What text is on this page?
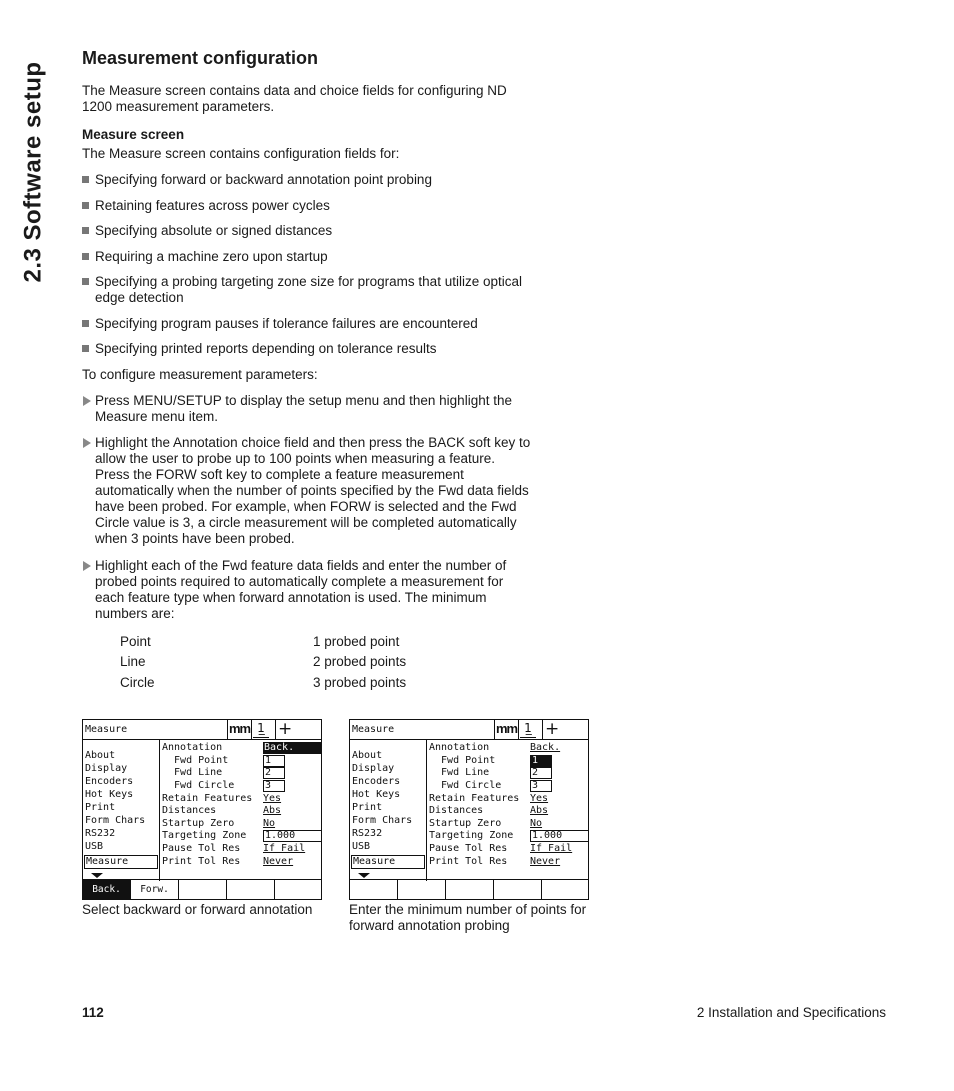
2.3 Software setup
Measurement configuration

The Measure screen contains data and choice fields for configuring ND 1200 measurement parameters.

Measure screen

The Measure screen contains configuration fields for:

Specifying forward or backward annotation point probing
Retaining features across power cycles
Specifying absolute or signed distances
Requiring a machine zero upon startup
Specifying a probing targeting zone size for programs that utilize optical edge detection
Specifying program pauses if tolerance failures are encountered
Specifying printed reports depending on tolerance results

To configure measurement parameters:

Press MENU/SETUP to display the setup menu and then highlight the Measure menu item.
Highlight the Annotation choice field and then press the BACK soft key to allow the user to probe up to 100 points when measuring a feature. Press the FORW soft key to complete a feature measurement automatically when the number of points specified by the Fwd data fields have been probed. For example, when FORW is selected and the Fwd Circle value is 3, a circle measurement will be completed automatically when 3 points have been probed.
Highlight each of the Fwd feature data fields and enter the number of probed points required to automatically complete a measurement for each feature type when forward annotation is used. The minimum numbers are:
Point	1 probed point
Line	2 probed points
Circle	3 probed points
Measure	mm 1̲ +
About
Display
Encoders
Hot Keys
Print
Form Chars
RS232
USB
Measure
Annotation	Back.
Fwd Point	1
Fwd Line	2
Fwd Circle	3
Retain Features Yes
Distances	Abs
Startup Zero	No
Targeting Zone 1.000
Pause Tol Res If Fail
Print Tol Res Never
Back.	Forw.
Select backward or forward annotation
Measure	mm 1̲ +
About
Display
Encoders
Hot Keys
Print
Form Chars
RS232
USB
Measure
Annotation	Back.
Fwd Point	1
Fwd Line	2
Fwd Circle	3
Retain Features Yes
Distances	Abs
Startup Zero	No
Targeting Zone 1.000
Pause Tol Res If Fail
Print Tol Res Never
Enter the minimum number of points for forward annotation probing
112	2 Installation and Specifications
